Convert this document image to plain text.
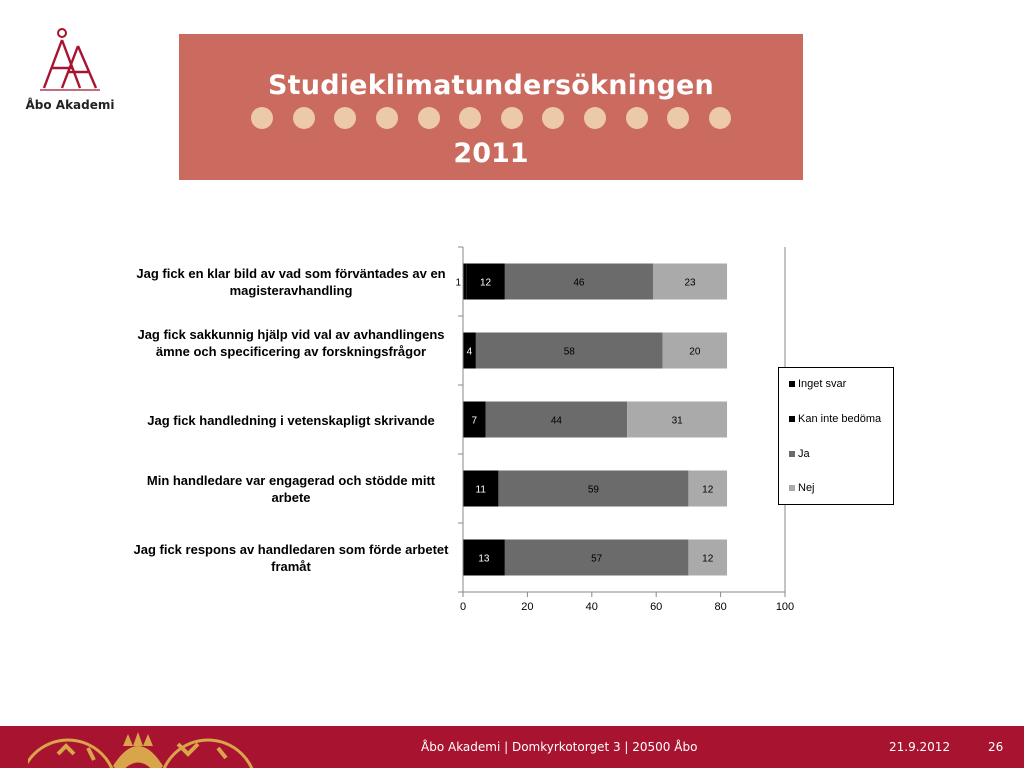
Åbo Akademi
Studieklimatundersökningen
2011
Jag fick en klar bild av vad som förväntades av en magisteravhandling
Jag fick sakkunnig hjälp vid val av avhandlingens ämne och specificering av forskningsfrågor
Jag fick handledning i vetenskapligt skrivande
Min handledare var engagerad och stödde mitt arbete
Jag fick respons av handledaren som förde arbetet framåt
1 12	46	23
4	58	20
7	44	31
11	59	12
13	57	12
0	20	40	60	80	100
Inget svar
Kan inte bedöma
Ja
Nej
Åbo Akademi | Domkyrkotorget 3 | 20500 Åbo	21.9.2012	26
